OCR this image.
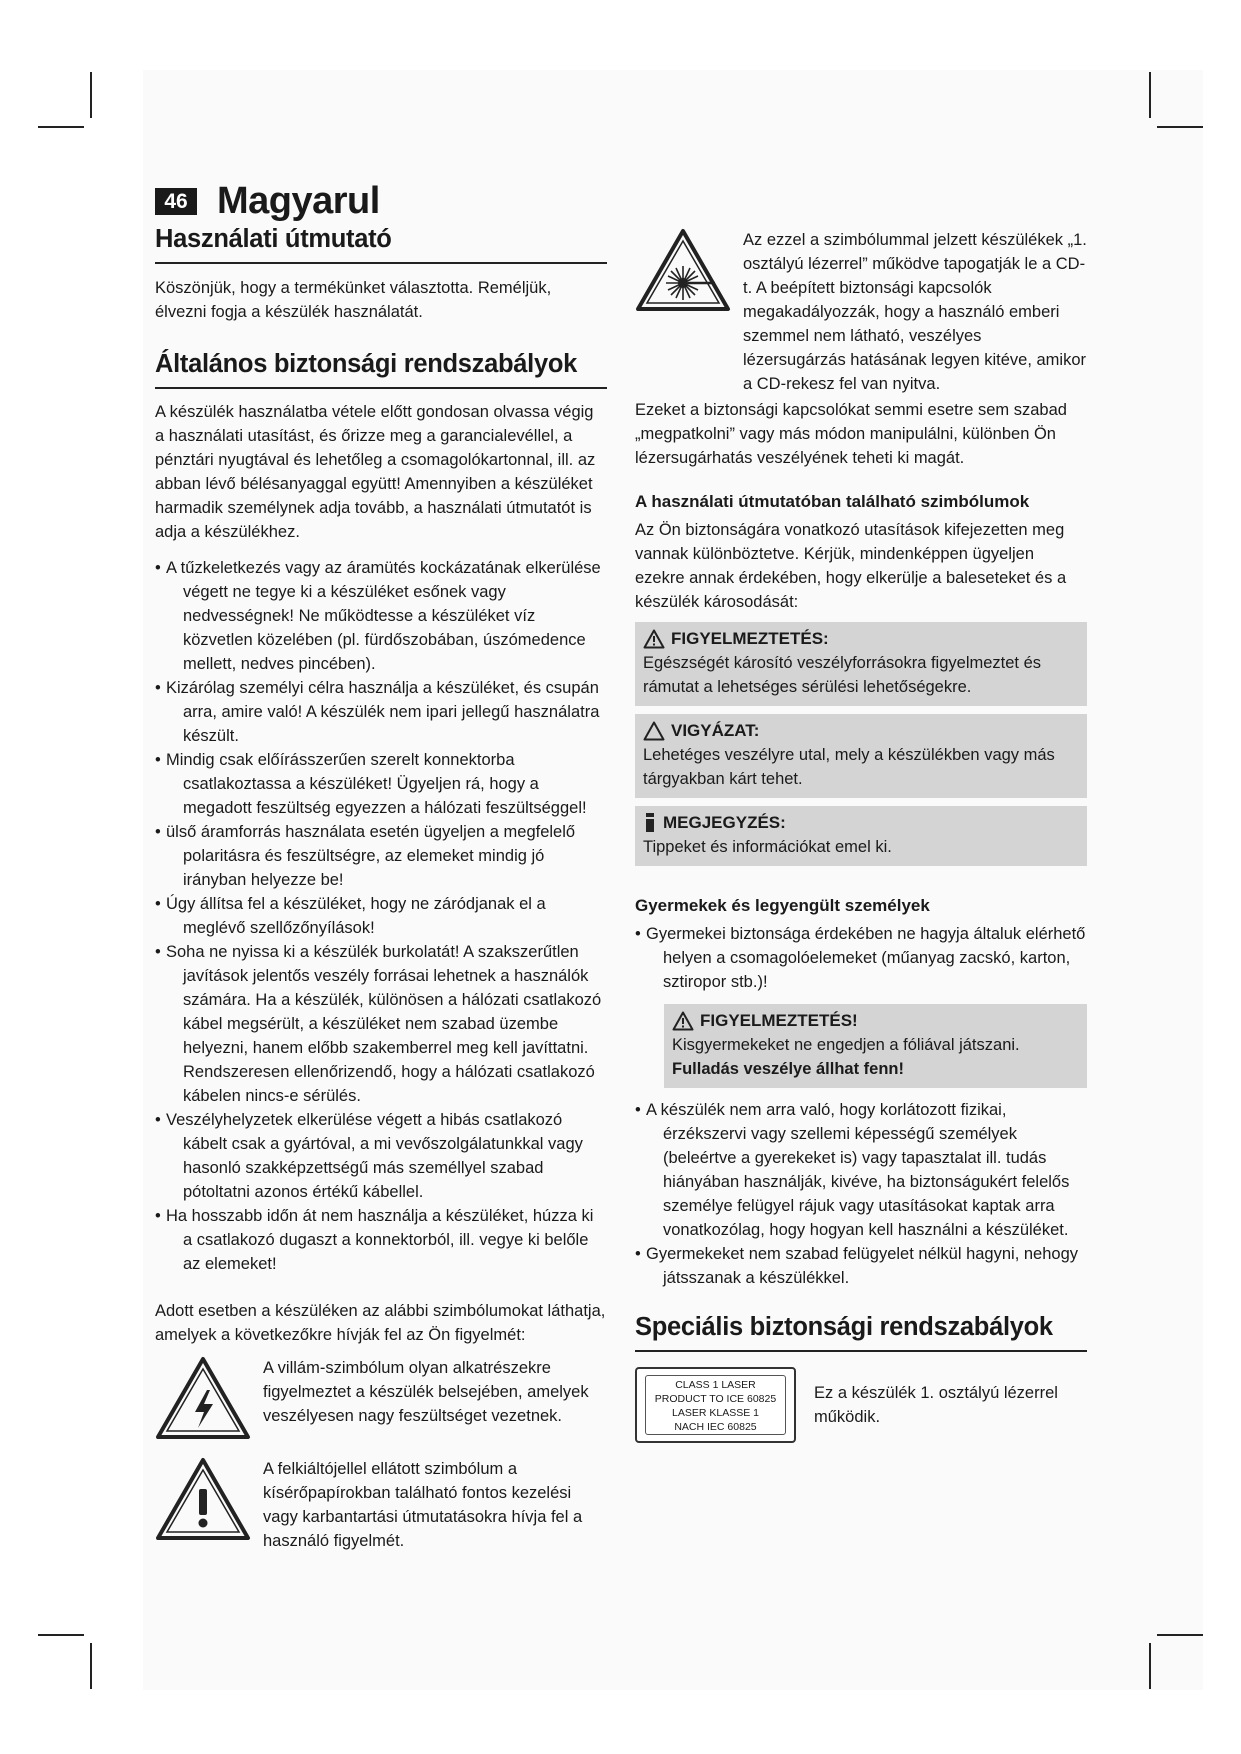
46 Magyarul
Használati útmutató

Köszönjük, hogy a termékünket választotta. Reméljük, élvezni fogja a készülék használatát.

Általános biztonsági rendszabályok

A készülék használatba vétele előtt gondosan olvassa végig a használati utasítást, és őrizze meg a garancialevéllel, a pénztári nyugtával és lehetőleg a csomagolókartonnal, ill. az abban lévő bélésanyaggal együtt! Amennyiben a készüléket harmadik személynek adja tovább, a használati útmutatót is adja a készülékhez.

• A tűzkeletkezés vagy az áramütés kockázatának elkerülése végett ne tegye ki a készüléket esőnek vagy nedvességnek! Ne működtesse a készüléket víz közvetlen közelében (pl. fürdőszobában, úszómedence mellett, nedves pincében).
• Kizárólag személyi célra használja a készüléket, és csupán arra, amire való! A készülék nem ipari jellegű használatra készült.
• Mindig csak előírásszerűen szerelt konnektorba csatlakoztassa a készüléket! Ügyeljen rá, hogy a megadott feszültség egyezzen a hálózati feszültséggel!
• ülső áramforrás használata esetén ügyeljen a megfelelő polaritásra és feszültségre, az elemeket mindig jó irányban helyezze be!
• Úgy állítsa fel a készüléket, hogy ne záródjanak el a meglévő szellőzőnyílások!
• Soha ne nyissa ki a készülék burkolatát! A szakszerűtlen javítások jelentős veszély forrásai lehetnek a használók számára. Ha a készülék, különösen a hálózati csatlakozó kábel megsérült, a készüléket nem szabad üzembe helyezni, hanem előbb szakemberrel meg kell javíttatni. Rendszeresen ellenőrizendő, hogy a hálózati csatlakozó kábelen nincs-e sérülés.
• Veszélyhelyzetek elkerülése végett a hibás csatlakozó kábelt csak a gyártóval, a mi vevőszolgálatunkkal vagy hasonló szakképzettségű más személlyel szabad pótoltatni azonos értékű kábellel.
• Ha hosszabb időn át nem használja a készüléket, húzza ki a csatlakozó dugaszt a konnektorból, ill. vegye ki belőle az elemeket!

Adott esetben a készüléken az alábbi szimbólumokat láthatja, amelyek a következőkre hívják fel az Ön figyelmét:

A villám-szimbólum olyan alkatrészekre figyelmeztet a készülék belsejében, amelyek veszélyesen nagy feszültséget vezetnek.

A felkiáltójellel ellátott szimbólum a kísérőpapírokban található fontos kezelési vagy karbantartási útmutatásokra hívja fel a használó figyelmét.

Az ezzel a szimbólummal jelzett készülékek „1. osztályú lézerrel” működve tapogatják le a CD-t. A beépített biztonsági kapcsolók megakadályozzák, hogy a használó emberi szemmel nem látható, veszélyes lézersugárzás hatásának legyen kitéve, amikor a CD-rekesz fel van nyitva.

Ezeket a biztonsági kapcsolókat semmi esetre sem szabad „megpatkolni” vagy más módon manipulálni, különben Ön lézersugárhatás veszélyének teheti ki magát.

A használati útmutatóban található szimbólumok

Az Ön biztonságára vonatkozó utasítások kifejezetten meg vannak különböztetve. Kérjük, mindenképpen ügyeljen ezekre annak érdekében, hogy elkerülje a baleseteket és a készülék károsodását:

FIGYELMEZTETÉS:

Egészségét károsító veszélyforrásokra figyelmeztet és rámutat a lehetséges sérülési lehetőségekre.

VIGYÁZAT:

Lehetéges veszélyre utal, mely a készülékben vagy más tárgyakban kárt tehet.

MEGJEGYZÉS:

Tippeket és információkat emel ki.

Gyermekek és legyengült személyek
• Gyermekei biztonsága érdekében ne hagyja általuk elérhető helyen a csomagolóelemeket (műanyag zacskó, karton, sztiropor stb.)!
FIGYELMEZTETÉS!

Kisgyermekeket ne engedjen a fóliával játszani.

Fulladás veszélye állhat fenn!

• A készülék nem arra való, hogy korlátozott fizikai, érzékszervi vagy szellemi képességű személyek (beleértve a gyerekeket is) vagy tapasztalat ill. tudás hiányában használják, kivéve, ha biztonságukért felelős személye felügyel rájuk vagy utasításokat kaptak arra vonatkozólag, hogy hogyan kell használni a készüléket.
• Gyermekeket nem szabad felügyelet nélkül hagyni, nehogy játsszanak a készülékkel.
Speciális biztonsági rendszabályok
CLASS 1 LASER
PRODUCT TO ICE 60825
LASER KLASSE 1
NACH IEC 60825

Ez a készülék 1. osztályú lézerrel működik.
